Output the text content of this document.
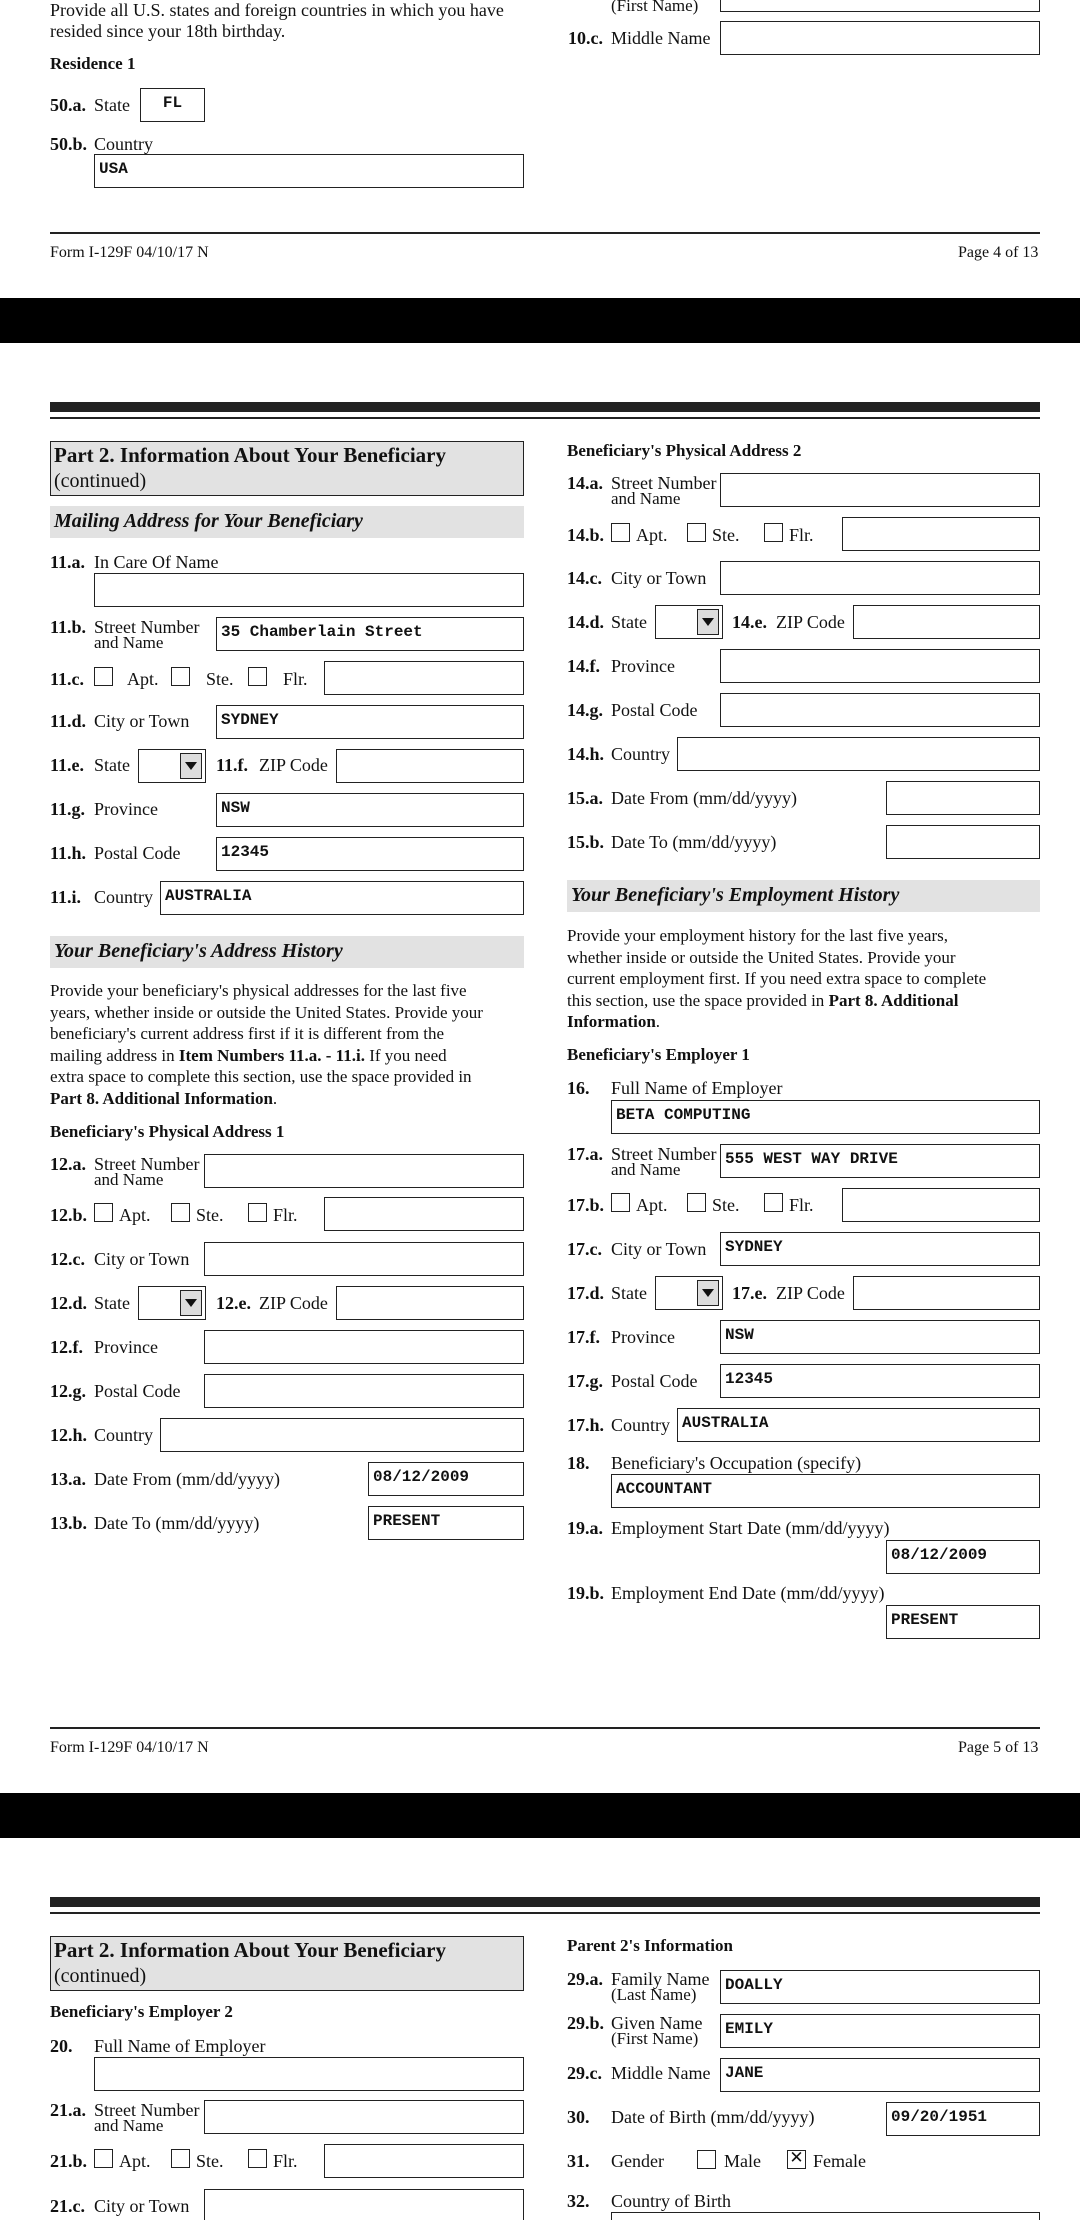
Provide all U.S. states and foreign countries in which you have
resided since your 18th birthday.
(First Name)
10.c. Middle Name
Residence 1
50.a. State	FL
50.b. Country
USA
Form I-129F 04/10/17 N	Page 4 of 13
Part 2. Information About Your Beneficiary
(continued)
Mailing Address for Your Beneficiary
11.a. In Care Of Name
11.b. Street Number
and Name
35 Chamberlain Street
11.c. Apt.	Ste.	Flr.
11.d. City or Town	SYDNEY
11.e. State	11.f. ZIP Code
11.g. Province	NSW
11.h. Postal Code	12345
11.i. Country AUSTRALIA
Your Beneficiary's Address History
Provide your beneficiary's physical addresses for the last five
years, whether inside or outside the United States. Provide your
beneficiary's current address first if it is different from the
mailing address in Item Numbers 11.a. - 11.i. If you need
extra space to complete this section, use the space provided in
Part 8. Additional Information.
Beneficiary's Physical Address 1
12.a. Street Number
and Name
12.b. Apt.	Ste.	Flr.
12.c. City or Town
12.d. State	12.e. ZIP Code
12.f. Province
12.g. Postal Code
12.h. Country
13.a. Date From (mm/dd/yyyy)	08/12/2009
13.b. Date To (mm/dd/yyyy)	PRESENT
Beneficiary's Physical Address 2
14.a. Street Number
and Name
14.b. Apt. Ste.	Flr.
14.c. City or Town
14.d. State	14.e. ZIP Code
14.f. Province
14.g. Postal Code
14.h. Country
15.a. Date From (mm/dd/yyyy)
15.b. Date To (mm/dd/yyyy)
Your Beneficiary's Employment History
Provide your employment history for the last five years,
whether inside or outside the United States. Provide your
current employment first. If you need extra space to complete
this section, use the space provided in Part 8. Additional
Information.
Beneficiary's Employer 1
16. Full Name of Employer
BETA COMPUTING
17.a. Street Number
and Name
555 WEST WAY DRIVE
17.b. Apt. Ste.	Flr.
17.c. City or Town	SYDNEY
17.d. State	17.e. ZIP Code
17.f. Province	NSW
17.g. Postal Code	12345
17.h. Country AUSTRALIA
18. Beneficiary's Occupation (specify)
ACCOUNTANT
19.a. Employment Start Date (mm/dd/yyyy)
08/12/2009
19.b. Employment End Date (mm/dd/yyyy)
PRESENT
Form I-129F 04/10/17 N	Page 5 of 13
Part 2. Information About Your Beneficiary
(continued)
Beneficiary's Employer 2
20. Full Name of Employer
21.a. Street Number
and Name
21.b. Apt.	Ste.	Flr.
21.c. City or Town
Parent 2's Information
29.a. Family Name
(Last Name)	DOALLY
29.b. Given Name
(First Name)	EMILY
29.c. Middle Name JANE
30. Date of Birth (mm/dd/yyyy)	09/20/1951
31. Gender	Male ✕ Female
32. Country of Birth
